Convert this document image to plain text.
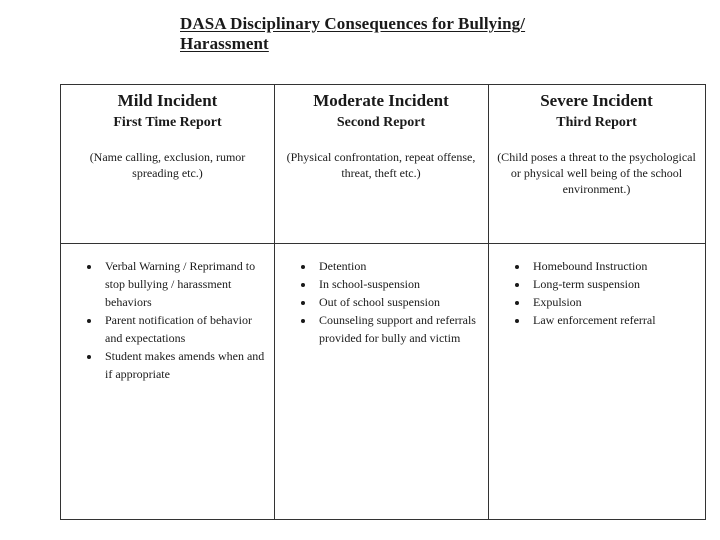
DASA Disciplinary Consequences for Bullying/ Harassment
Mild Incident
First Time Report
(Name calling, exclusion, rumor spreading etc.)
Moderate Incident
Second Report
(Physical confrontation, repeat offense, threat, theft etc.)
Severe Incident
Third Report
(Child poses a threat to the psychological or physical well being of the school environment.)
• Verbal Warning / Reprimand to stop bullying / harassment behaviors
• Parent notification of behavior and expectations
• Student makes amends when and if appropriate
• Detention
• In school-suspension
• Out of school suspension
• Counseling support and referrals provided for bully and victim
• Homebound Instruction
• Long-term suspension
• Expulsion
• Law enforcement referral
